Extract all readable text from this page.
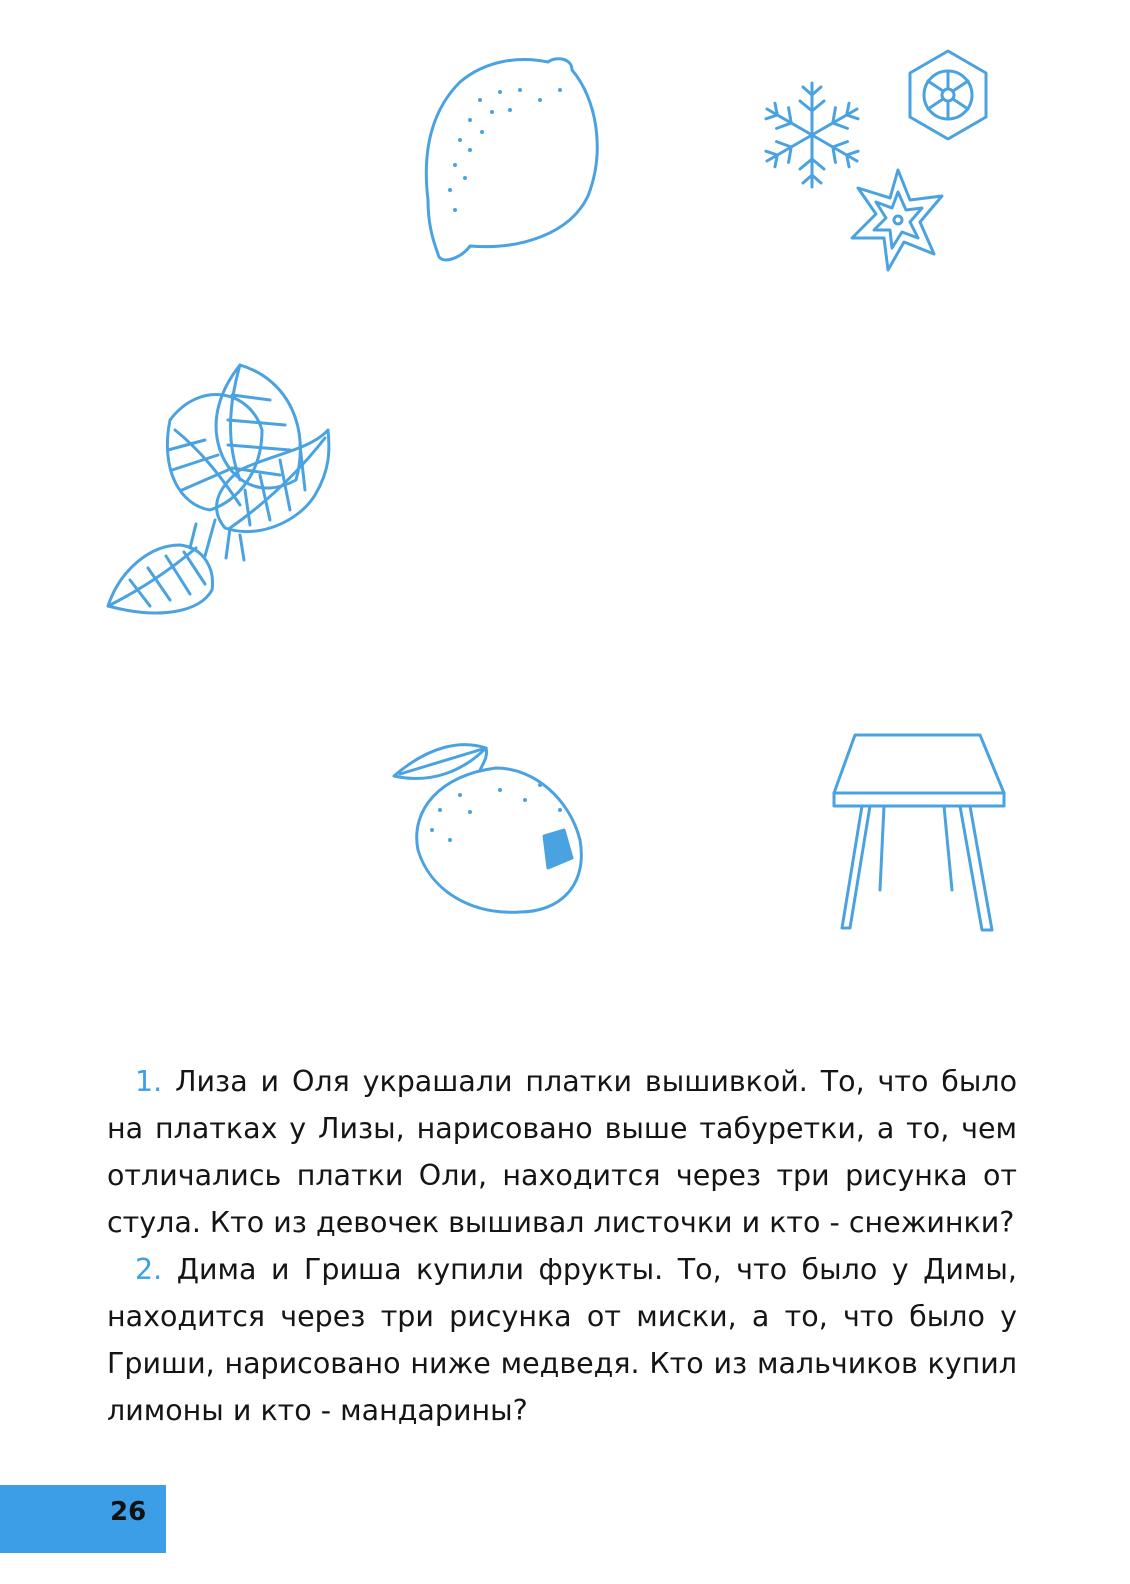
1. Лиза и Оля украшали платки вышивкой. То, что было на платках у Лизы, нарисовано выше табуретки, а то, чем отличались платки Оли, находится через три рисунка от стула. Кто из девочек вышивал листочки и кто - снежинки?

2. Дима и Гриша купили фрукты. То, что было у Димы, находится через три рисунка от миски, а то, что было у Гриши, нарисовано ниже медведя. Кто из мальчиков купил лимоны и кто - мандарины?

26
